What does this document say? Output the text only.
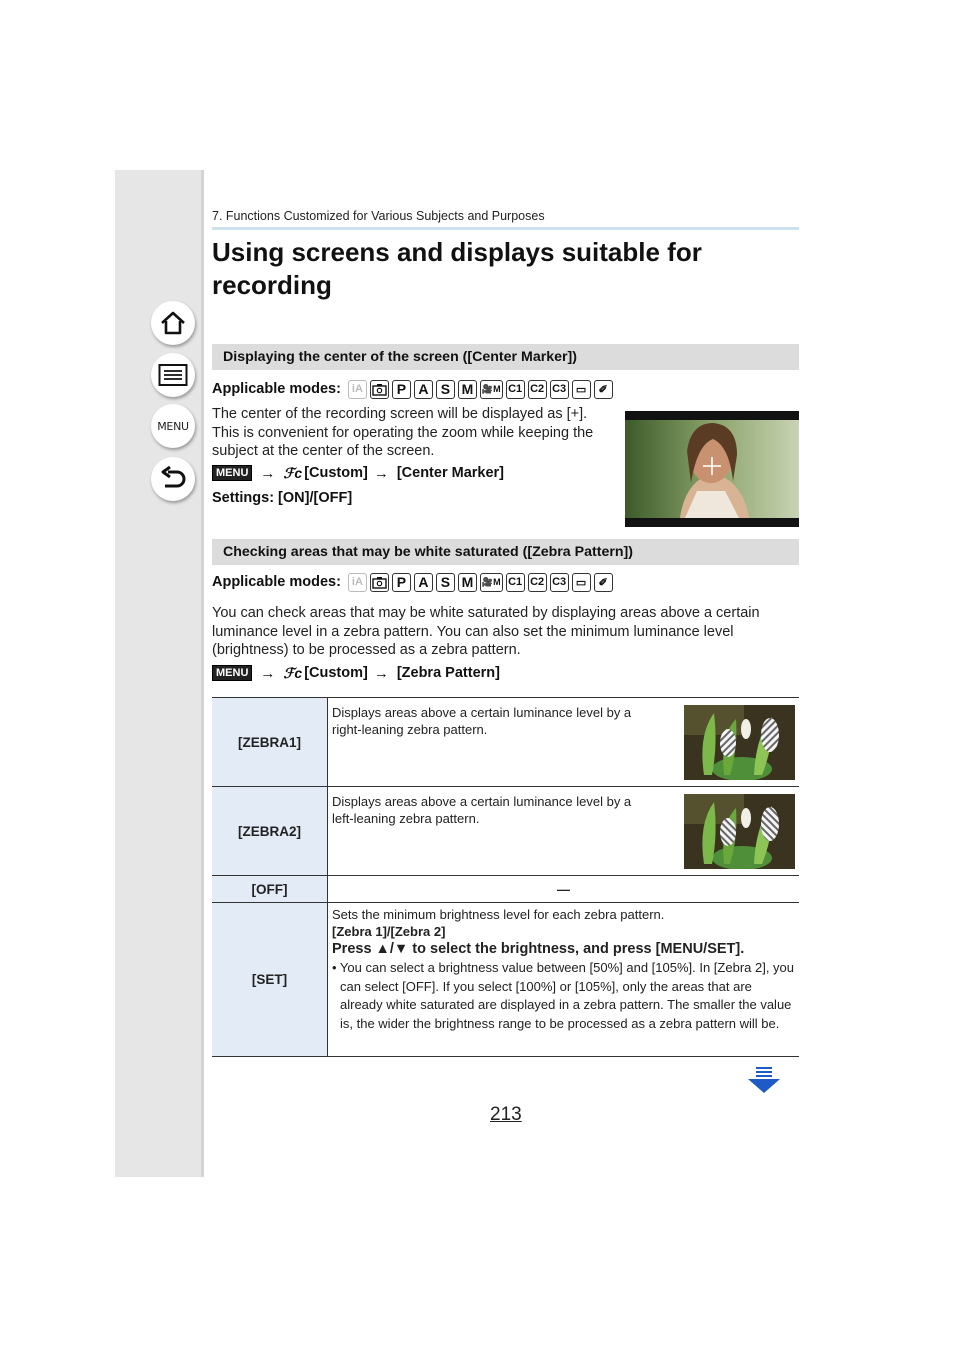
MENU
7. Functions Customized for Various Subjects and Purposes
Using screens and displays suitable for
recording
Displaying the center of the screen ([Center Marker])
Applicable modes:	iA	P A S M 🎥M C1 C2 C3 ▭	✐

The center of the recording screen will be displayed as [+].
This is convenient for operating the zoom while keeping the
subject at the center of the screen.

MENU → ℱc [Custom] → [Center Marker]
Settings: [ON]/[OFF]
Checking areas that may be white saturated ([Zebra Pattern])
Applicable modes:	iA	P A S M 🎥M C1 C2 C3 ▭	✐

You can check areas that may be white saturated by displaying areas above a certain
luminance level in a zebra pattern. You can also set the minimum luminance level
(brightness) to be processed as a zebra pattern.

MENU → ℱc [Custom] → [Zebra Pattern]
[ZEBRA1]	Displays areas above a certain luminance level by a
right-leaning zebra pattern.

[ZEBRA2]	Displays areas above a certain luminance level by a
left-leaning zebra pattern.

[OFF]	—
[SET]	Sets the minimum brightness level for each zebra pattern.
[Zebra 1]/[Zebra 2]
Press ▲/▼ to select the brightness, and press [MENU/SET].
• You can select a brightness value between [50%] and [105%]. In [Zebra 2], you can select [OFF]. If you select [100%] or [105%], only the areas that are already white saturated are displayed in a zebra pattern. The smaller the value is, the wider the brightness range to be processed as a zebra pattern will be.
213
